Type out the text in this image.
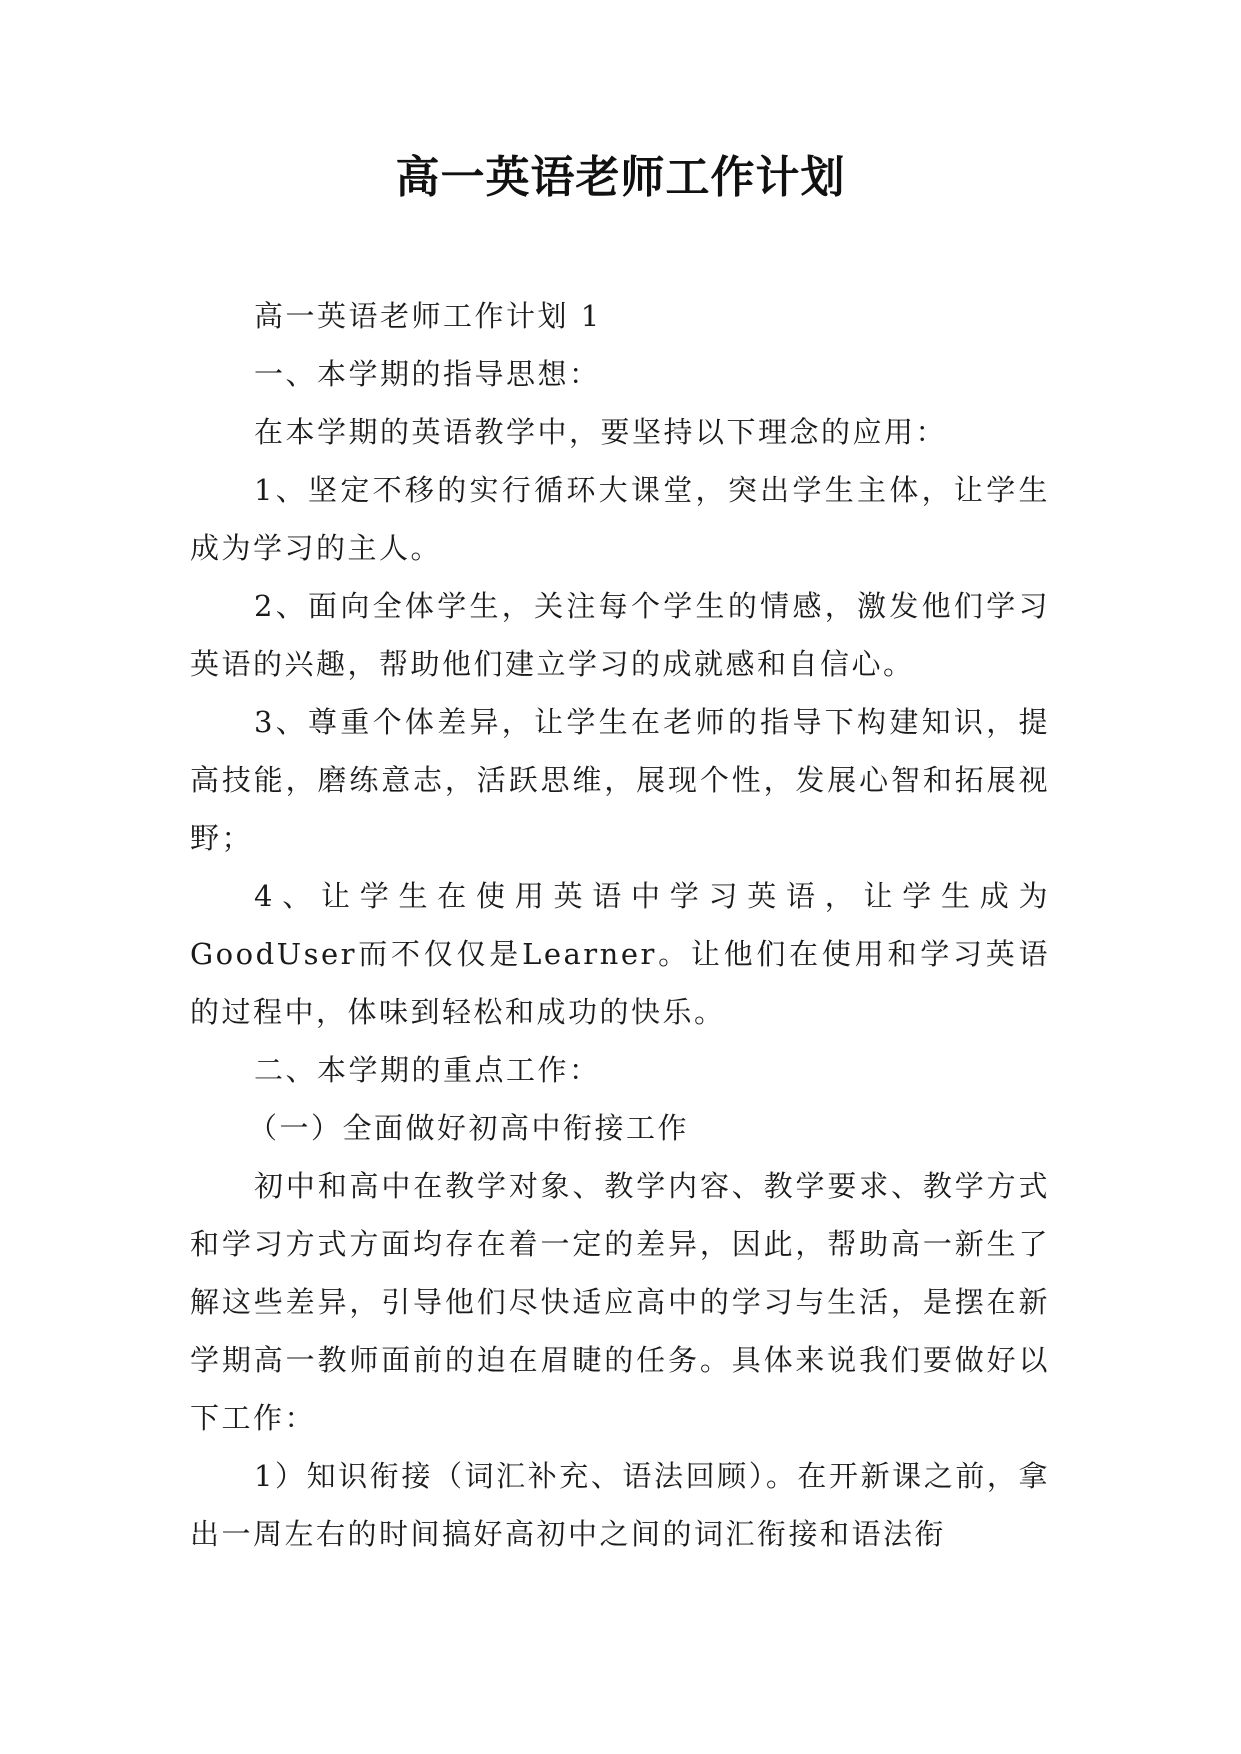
高一英语老师工作计划

高一英语老师工作计划 1

一、本学期的指导思想：

在本学期的英语教学中，要坚持以下理念的应用：

1、坚定不移的实行循环大课堂，突出学生主体，让学生成为学习的主人。

2、面向全体学生，关注每个学生的情感，激发他们学习英语的兴趣，帮助他们建立学习的成就感和自信心。

3、尊重个体差异，让学生在老师的指导下构建知识，提高技能，磨练意志，活跃思维，展现个性，发展心智和拓展视野；

4、让学生在使用英语中学习英语，让学生成为GoodUser而不仅仅是Learner。让他们在使用和学习英语的过程中，体味到轻松和成功的快乐。

二、本学期的重点工作：

（一）全面做好初高中衔接工作

初中和高中在教学对象、教学内容、教学要求、教学方式和学习方式方面均存在着一定的差异，因此，帮助高一新生了解这些差异，引导他们尽快适应高中的学习与生活，是摆在新学期高一教师面前的迫在眉睫的任务。具体来说我们要做好以下工作：

1）知识衔接（词汇补充、语法回顾）。在开新课之前，拿出一周左右的时间搞好高初中之间的词汇衔接和语法衔
